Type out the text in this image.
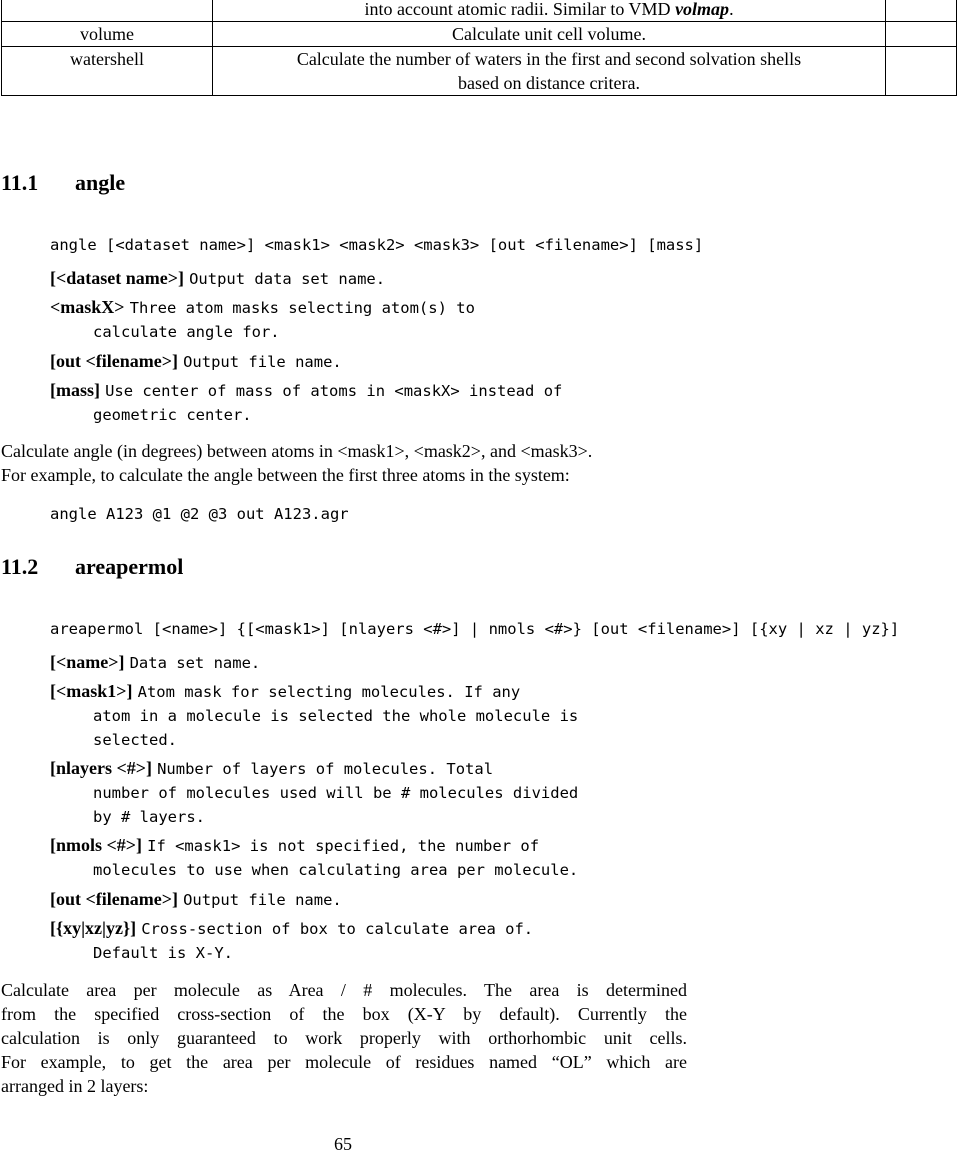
	into account atomic radii. Similar to VMD volmap.	
volume	Calculate unit cell volume.	
watershell	Calculate the number of waters in the first and second solvation shells
based on distance critera.	
11.1 angle
angle [<dataset name>] <mask1> <mask2> <mask3> [out <filename>] [mass]
[<dataset name>] Output data set name.
<maskX> Three atom masks selecting atom(s) to
calculate angle for.
[out <filename>] Output file name.
[mass] Use center of mass of atoms in <maskX> instead of
geometric center.
Calculate angle (in degrees) between atoms in <mask1>, <mask2>, and <mask3>.
For example, to calculate the angle between the first three atoms in the system:
angle A123 @1 @2 @3 out A123.agr
11.2 areapermol
areapermol [<name>] {[<mask1>] [nlayers <#>] | nmols <#>} [out <filename>] [{xy | xz | yz}]
[<name>] Data set name.
[<mask1>] Atom mask for selecting molecules. If any
atom in a molecule is selected the whole molecule is
selected.
[nlayers <#>] Number of layers of molecules. Total
number of molecules used will be # molecules divided
by # layers.
[nmols <#>] If <mask1> is not specified, the number of
molecules to use when calculating area per molecule.
[out <filename>] Output file name.
[{xy|xz|yz}] Cross-section of box to calculate area of.
Default is X-Y.
Calculate area per molecule as Area / # molecules. The area is determined
from the specified cross-section of the box (X-Y by default). Currently the
calculation is only guaranteed to work properly with orthorhombic unit cells.
For example, to get the area per molecule of residues named “OL” which are
arranged in 2 layers:
65
